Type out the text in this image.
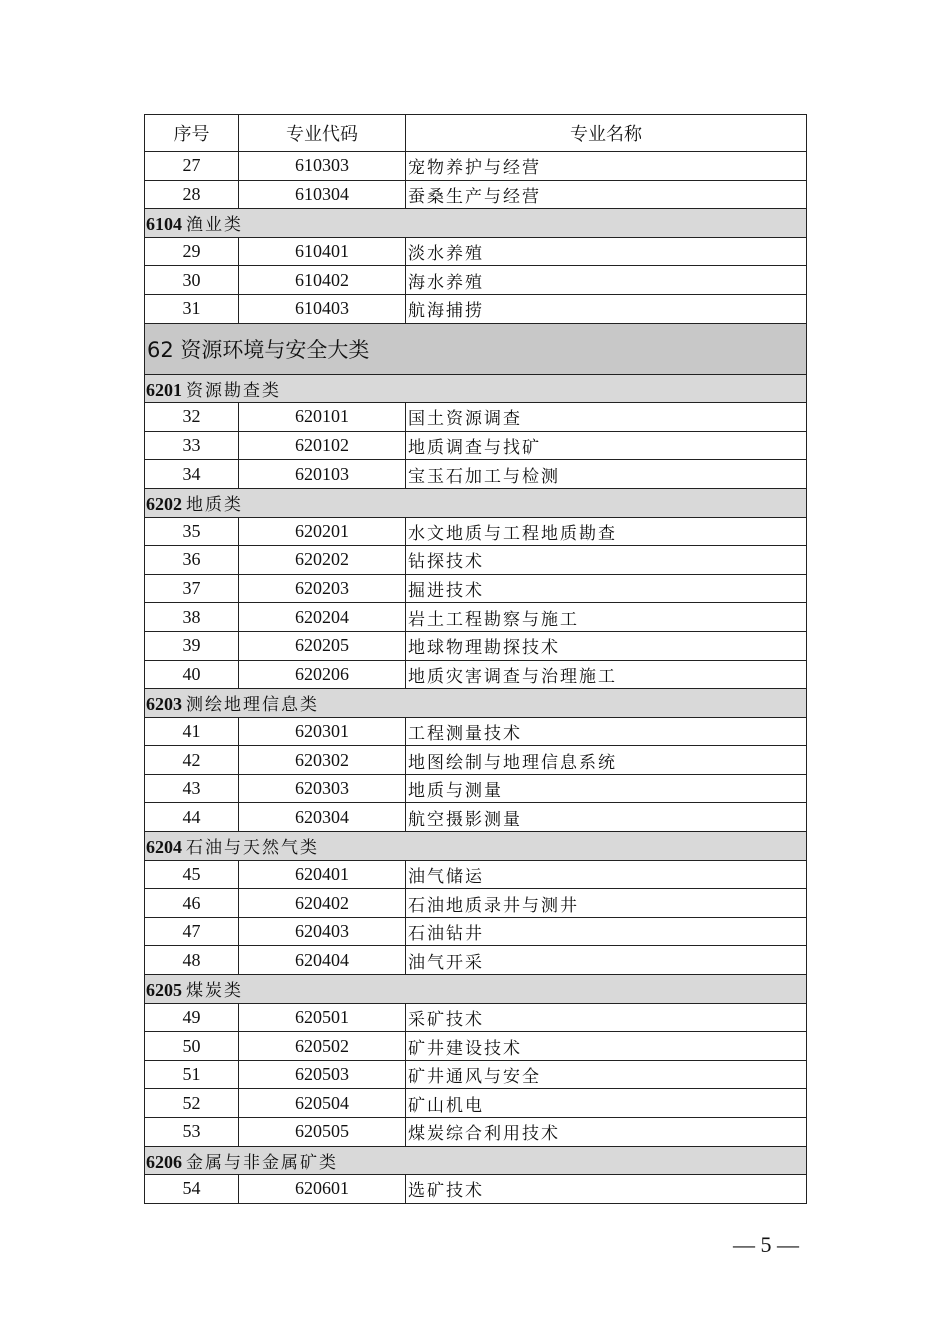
序号	专业代码	专业名称
27	610303	宠物养护与经营
28	610304	蚕桑生产与经营
6104 渔业类		
29	610401	淡水养殖
30	610402	海水养殖
31	610403	航海捕捞
62 资源环境与安全大类		
6201 资源勘查类		
32	620101	国土资源调查
33	620102	地质调查与找矿
34	620103	宝玉石加工与检测
6202 地质类		
35	620201	水文地质与工程地质勘查
36	620202	钻探技术
37	620203	掘进技术
38	620204	岩土工程勘察与施工
39	620205	地球物理勘探技术
40	620206	地质灾害调查与治理施工
6203 测绘地理信息类		
41	620301	工程测量技术
42	620302	地图绘制与地理信息系统
43	620303	地质与测量
44	620304	航空摄影测量
6204 石油与天然气类		
45	620401	油气储运
46	620402	石油地质录井与测井
47	620403	石油钻井
48	620404	油气开采
6205 煤炭类		
49	620501	采矿技术
50	620502	矿井建设技术
51	620503	矿井通风与安全
52	620504	矿山机电
53	620505	煤炭综合利用技术
6206 金属与非金属矿类		
54	620601	选矿技术
— 5 —
